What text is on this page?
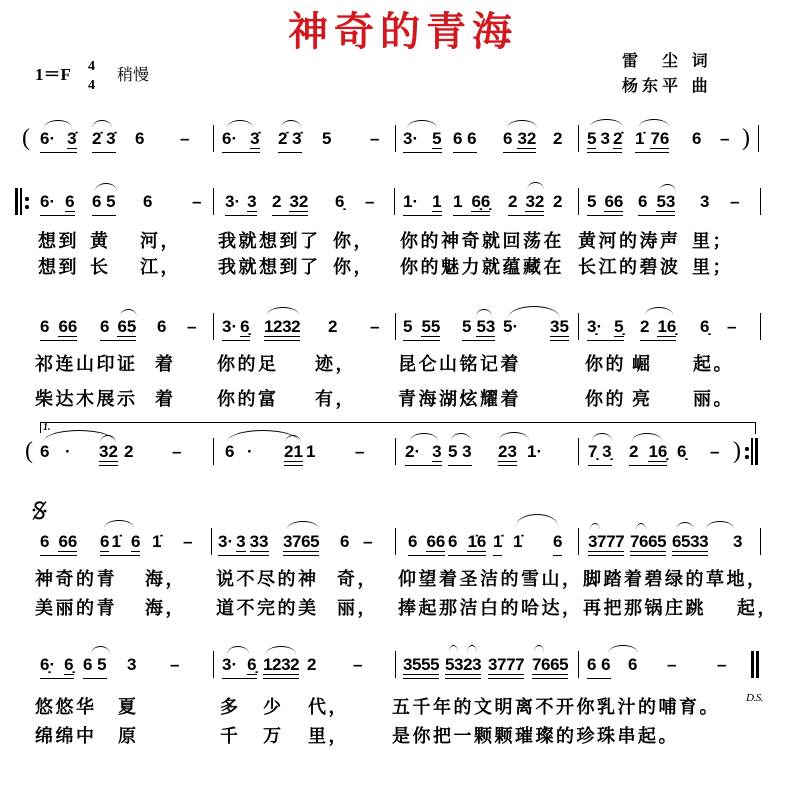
神奇的青海
1＝F 4
4
稍慢
雷　尘 词
杨东平 曲
( 6· 3̇ 2̇ 3̇ 6 – 6· 3̇ 2̇ 3̇ 5 – 3· 5 6 6 6 32 2 5 3 2̇ 1̇ 76 6 – )
6· 6 6 5 6 – 3· 3 2 32 6̣ – 1· 1 1 6̣6̣ 2 32 2 5 66 6 53 3 –
想到 黄 河， 我就想到了 你， 你的神奇就回荡在 黄河的涛声 里；
想到 长 江， 我就想到了 你， 你的魅力就蕴藏在 长江的碧波 里；
6 66 6 65 6 – 3· 6̣ 1232 2 – 5 55 5 53 5· 35 3̣· 5̣ 2 16̣ 6̣ –
祁连山印证 着 你的足 迹， 昆仑山铭记着	你的 崛 起。
柴达木展示 着 你的富 有， 青海湖炫耀着	你的 亮 丽。
1.
( 6 · 32 2 –	6 · 21 1 – 2· 3 5 3 23 1·	7̣ 3̣ 2 16̣ 6̣ – )
6 66 6 1̇ 6 1̇ – 3· 3 33 3765 6 – 6 66 6 1̇6 1̇ 1̇ 6 3777 7665 6533 3
神奇的青 海， 说不尽的神 奇， 仰望着圣洁的雪山， 脚踏着碧绿的草地，
美丽的青 海， 道不完的美 丽， 捧起那洁白的哈达， 再把那锅庄跳 起，
6̣· 6̣ 6 5 3 –	3· 6̣ 1232 2 – 3555 5323 3777 7665 6 6 6 – –
D.S.
悠悠华 夏	多 少 代， 五千年的文明离不开你乳汁的哺育。
绵绵中 原	千 万 里， 是你把一颗颗璀璨的珍珠串起。
